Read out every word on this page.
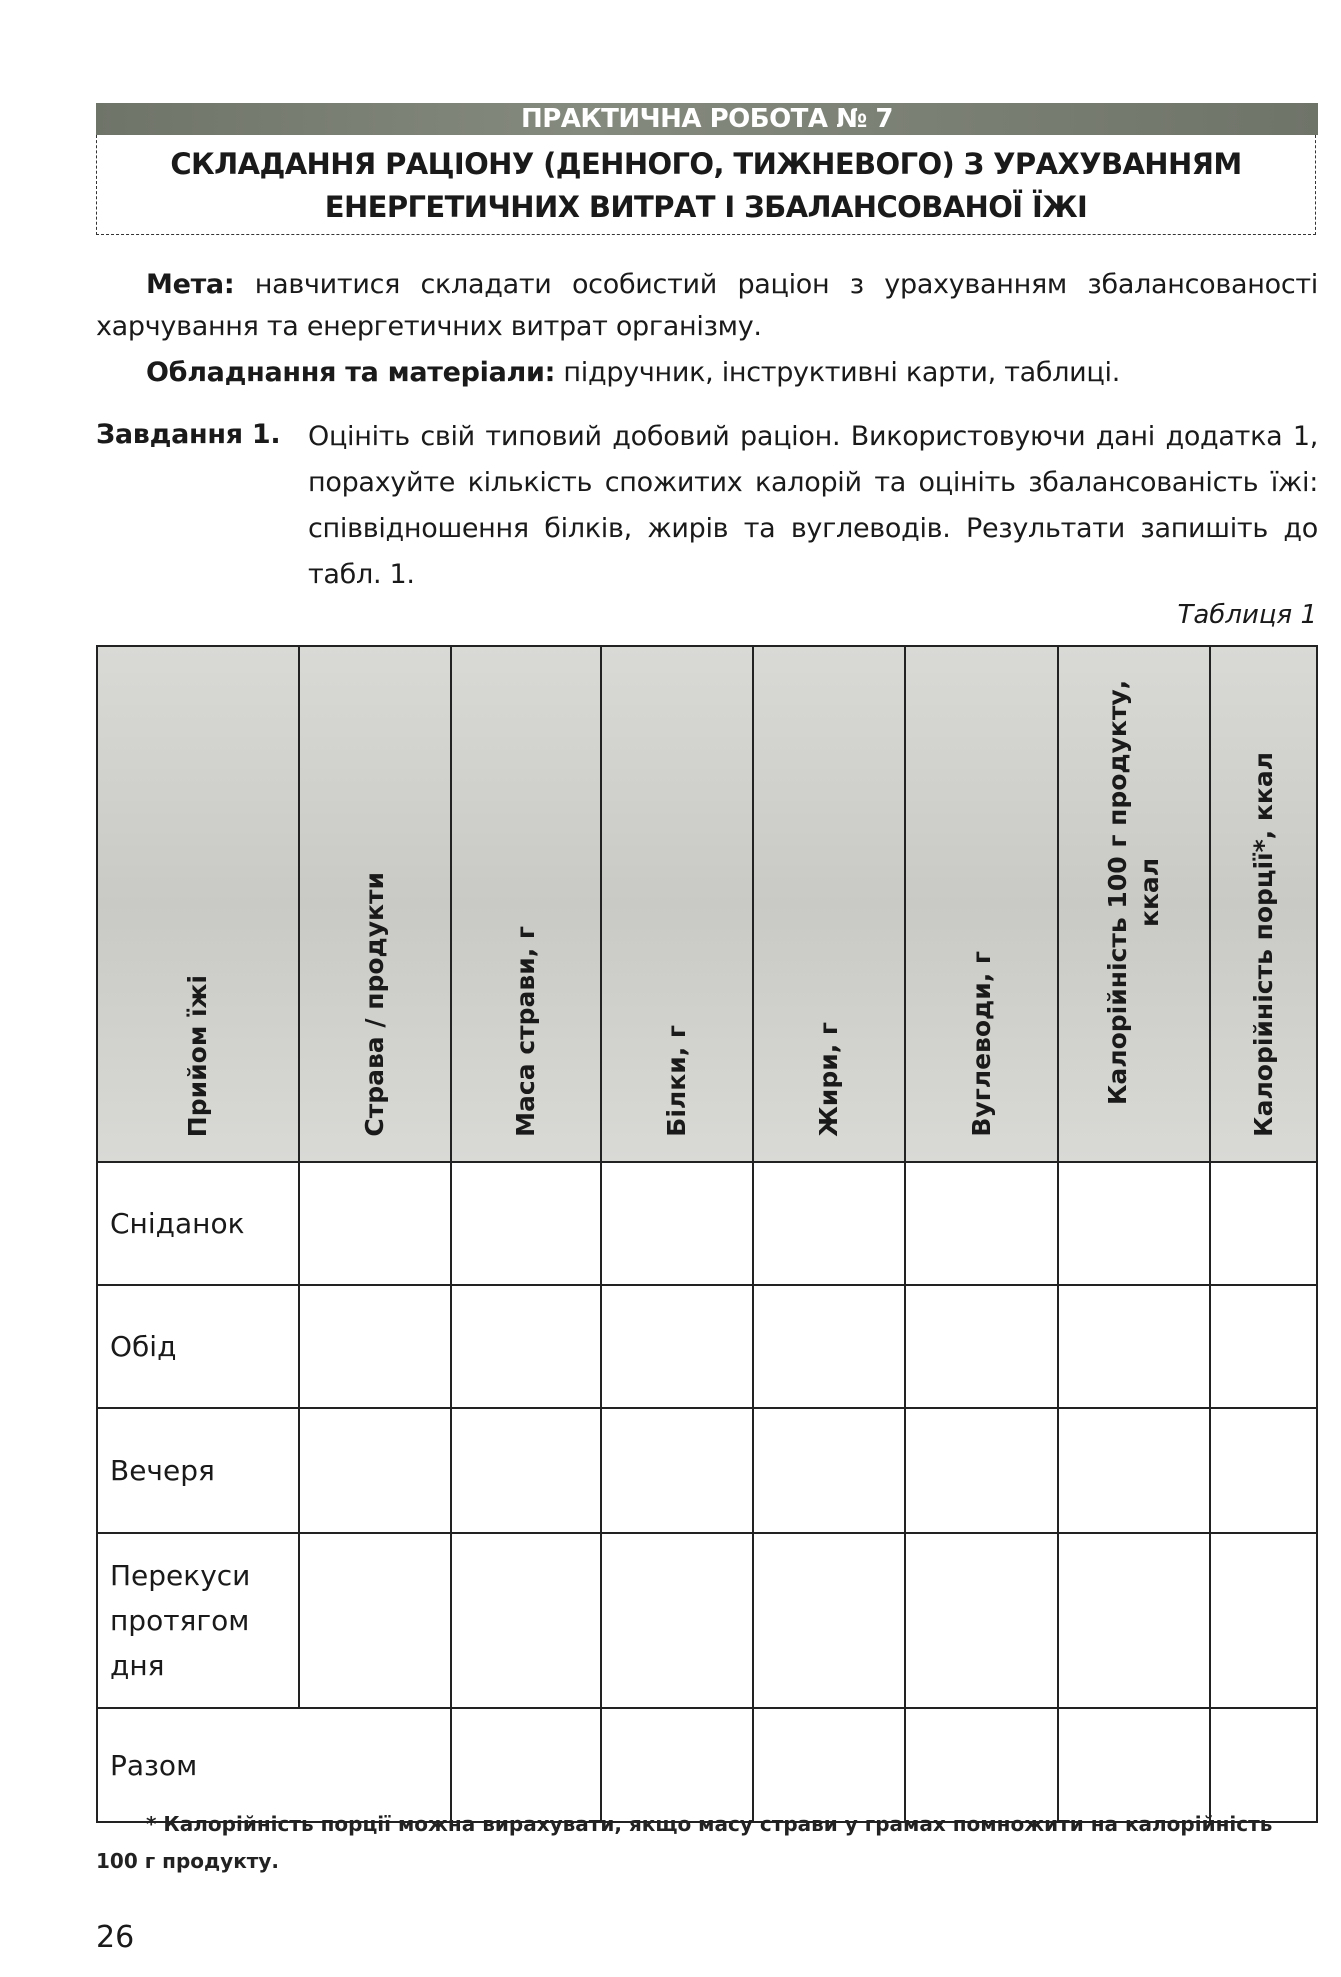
ПРАКТИЧНА РОБОТА № 7
СКЛАДАННЯ РАЦІОНУ (ДЕННОГО, ТИЖНЕВОГО) З УРАХУВАННЯМ
ЕНЕРГЕТИЧНИХ ВИТРАТ І ЗБАЛАНСОВАНОЇ ЇЖІ
Мета: навчитися складати особистий раціон з урахуванням збалансованості харчування та енергетичних витрат організму.
Обладнання та матеріали: підручник, інструктивні карти, таблиці.
Завдання 1. Оцініть свій типовий добовий раціон. Використовуючи дані додатка 1, порахуйте кількість спожитих калорій та оцініть збалансованість їжі: співвідношення білків, жирів та вуглеводів. Результати запишіть до табл. 1.
Таблиця 1
Прийом їжі	Страва / продукти	Маса страви, г	Білки, г	Жири, г	Вуглеводи, г	Калорійність 100 г продукту, ккал	Калорійність порції*, ккал
Сніданок							
Обід							
Вечеря							
Перекуси протягом дня							
Разом							
* Калорійність порції можна вирахувати, якщо масу страви у грамах помножити на калорійність 100 г продукту.
26
